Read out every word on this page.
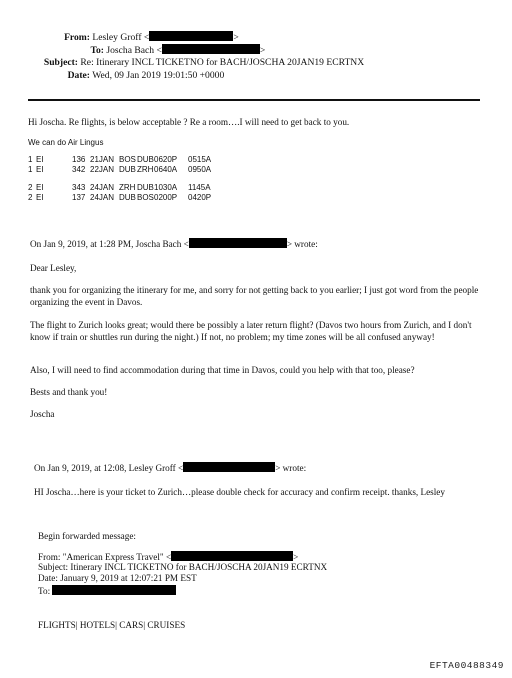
From: Lesley Groff <	>
To: Joscha Bach <	>
Subject: Re: Itinerary INCL TICKETNO for BACH/JOSCHA 20JAN19 ECRTNX
Date: Wed, 09 Jan 2019 19:01:50 +0000
Hi Joscha. Re flights, is below acceptable ? Re a room….I will need to get back to you.
We can do Air Lingus
1 EI	136 21JAN BOS DUB 0620P 0515A
1 EI	342 22JAN DUB ZRH 0640A 0950A
2 EI	343 24JAN ZRH DUB 1030A 1145A
2 EI	137 24JAN DUB BOS 0200P 0420P
On Jan 9, 2019, at 1:28 PM, Joscha Bach <	> wrote:
Dear Lesley,
thank you for organizing the itinerary for me, and sorry for not getting back to you earlier; I just got word from the people organizing the event in Davos.
The flight to Zurich looks great; would there be possibly a later return flight? (Davos two hours from Zurich, and I don't know if train or shuttles run during the night.) If not, no problem; my time zones will be all confused anyway!
Also, I will need to find accommodation during that time in Davos, could you help with that too, please?
Bests and thank you!
Joscha
On Jan 9, 2019, at 12:08, Lesley Groff <	> wrote:
HI Joscha…here is your ticket to Zurich…please double check for accuracy and confirm receipt. thanks, Lesley
Begin forwarded message:
From: "American Express Travel" <	>
Subject: Itinerary INCL TICKETNO for BACH/JOSCHA 20JAN19 ECRTNX
Date: January 9, 2019 at 12:07:21 PM EST
To:
FLIGHTS| HOTELS| CARS| CRUISES
EFTA00488349
